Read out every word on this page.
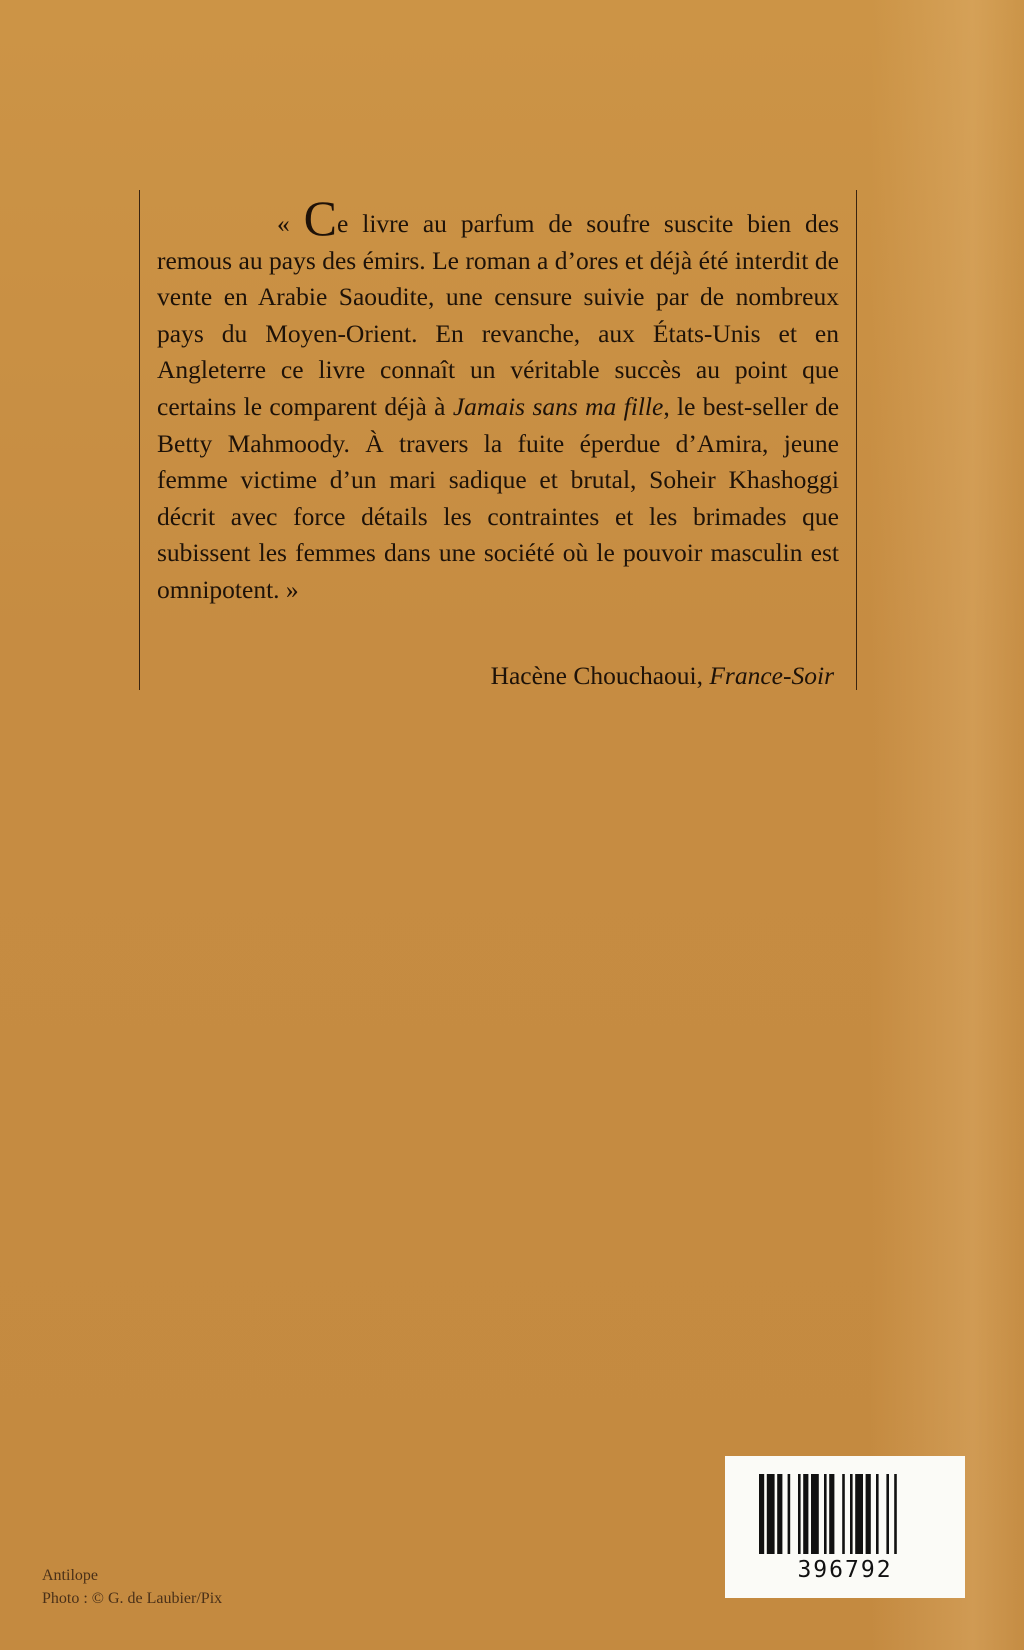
« Ce livre au parfum de soufre suscite bien des remous au pays des émirs. Le roman a d’ores et déjà été interdit de vente en Arabie Saoudite, une censure suivie par de nombreux pays du Moyen-Orient. En revanche, aux États-Unis et en Angleterre ce livre connaît un véritable succès au point que certains le comparent déjà à Jamais sans ma fille, le best-seller de Betty Mahmoody. À travers la fuite éperdue d’Amira, jeune femme victime d’un mari sadique et brutal, Soheir Khashoggi décrit avec force détails les contraintes et les brimades que subissent les femmes dans une société où le pouvoir masculin est omnipotent. »
Hacène Chouchaoui, France-Soir
Antilope
Photo : © G. de Laubier/Pix
396792
